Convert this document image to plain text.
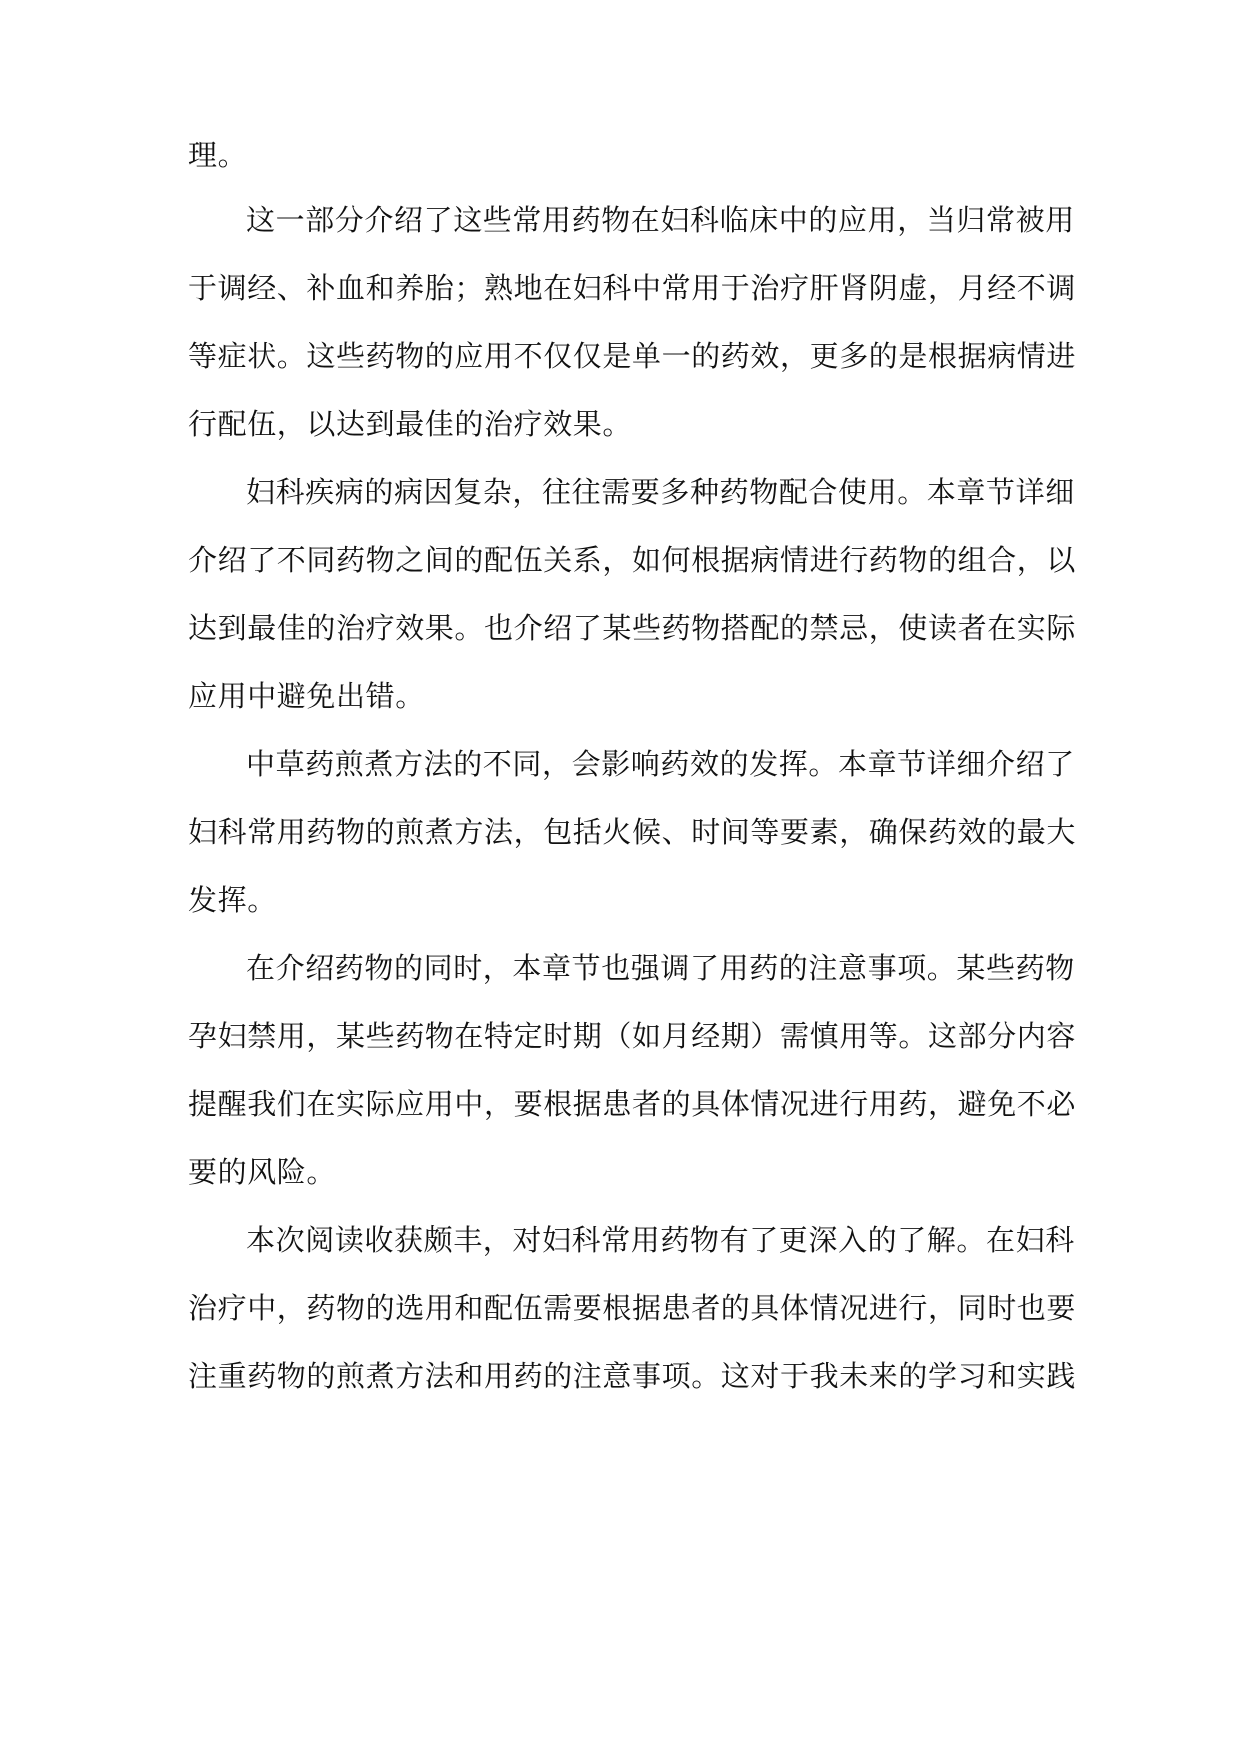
理。
这一部分介绍了这些常用药物在妇科临床中的应用，当归常被用
于调经、补血和养胎；熟地在妇科中常用于治疗肝肾阴虚，月经不调
等症状。这些药物的应用不仅仅是单一的药效，更多的是根据病情进
行配伍，以达到最佳的治疗效果。
妇科疾病的病因复杂，往往需要多种药物配合使用。本章节详细
介绍了不同药物之间的配伍关系，如何根据病情进行药物的组合，以
达到最佳的治疗效果。也介绍了某些药物搭配的禁忌，使读者在实际
应用中避免出错。
中草药煎煮方法的不同，会影响药效的发挥。本章节详细介绍了
妇科常用药物的煎煮方法，包括火候、时间等要素，确保药效的最大
发挥。
在介绍药物的同时，本章节也强调了用药的注意事项。某些药物
孕妇禁用，某些药物在特定时期（如月经期）需慎用等。这部分内容
提醒我们在实际应用中，要根据患者的具体情况进行用药，避免不必
要的风险。
本次阅读收获颇丰，对妇科常用药物有了更深入的了解。在妇科
治疗中，药物的选用和配伍需要根据患者的具体情况进行，同时也要
注重药物的煎煮方法和用药的注意事项。这对于我未来的学习和实践
